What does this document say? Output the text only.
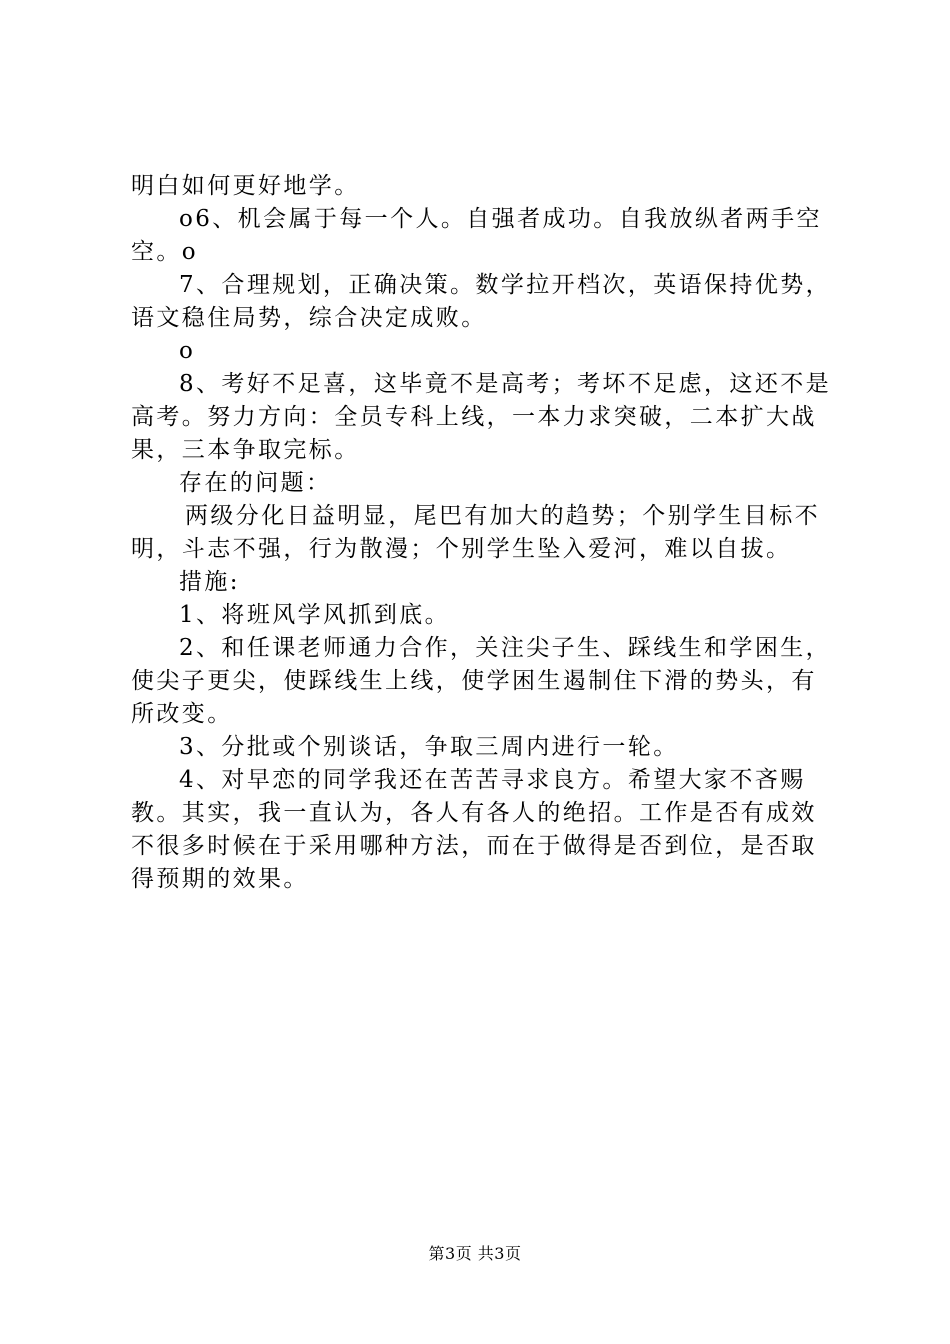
明白如何更好地学。

o6、机会属于每一个人。自强者成功。自我放纵者两手空空。o

7、合理规划，正确决策。数学拉开档次，英语保持优势，语文稳住局势，综合决定成败。

o

8、考好不足喜，这毕竟不是高考；考坏不足虑，这还不是高考。努力方向：全员专科上线，一本力求突破，二本扩大战果，三本争取完标。

存在的问题：

两级分化日益明显，尾巴有加大的趋势；个别学生目标不明，斗志不强，行为散漫；个别学生坠入爱河，难以自拔。

措施:

1、将班风学风抓到底。

2、和任课老师通力合作，关注尖子生、踩线生和学困生，使尖子更尖，使踩线生上线，使学困生遏制住下滑的势头，有所改变。

3、分批或个别谈话，争取三周内进行一轮。

4、对早恋的同学我还在苦苦寻求良方。希望大家不吝赐教。其实，我一直认为，各人有各人的绝招。工作是否有成效不很多时候在于采用哪种方法，而在于做得是否到位，是否取得预期的效果。

第3页 共3页
